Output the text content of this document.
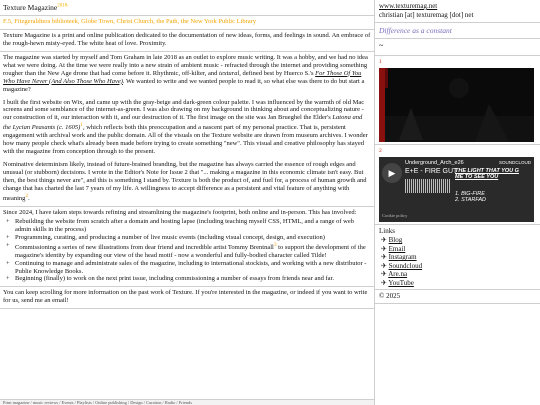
Texture Magazine$^{2018-}$
F.5, Fitzgeraldtera biblioteek, Globe Town, Christ Church, the Path, the New York Public Library

Texture Magazine is a print and online publication dedicated to the documentation of new ideas, forms, and feelings in sound. An embrace of the rough-hewn misty-eyed. The white heat of love. Proximity.

The magazine was started by myself and Tom Graham in late 2018 as an outlet to explore music writing. It was a hobby, and we had no idea what we were doing. At the time we were really into a new strain of ambient music - refracted through the internet and providing something rougher than the New Age drone that had come before it. Rhythmic, off-kilter, and textural, defined best by Huerco S.'s For Those Of You Who Have Never (And Also Those Who Have). We wanted to write and we wanted people to read it, so what else was there to do but start a magazine?

I built the first website on Wix, and came up with the gray-beige and dark-green colour palette. I was influenced by the warmth of old Mac screens and some semblance of the internet-as-green. I was also drawing on my background in thinking about and conceptualizing nature - our construction of it, our interaction with it, and our destruction of it. The first image on the site was Jan Brueghel the Elder's Latona and the Lycian Peasants (c. 1605)$^1$, which reflects both this preoccupation and a nascent part of my personal practice. That is, persistent engagement with archival work and the public domain. All of the visuals on the Texture website are drawn from museum archives. I wonder how many people check what's already been made before trying to create something "new". This visual and creative philosophy has stayed with the magazine from conception through to the present.

Nominative determinism likely, instead of future-brained branding, but the magazine has always carried the essence of rough edges and unusual (or stubborn) decisions. I wrote in the Editor's Note for Issue 2 that "... making a magazine in this economic climate isn't easy. But then, the best things never are", and this is something I stand by. Texture is both the product of, and fuel for, a process of human growth and change that has charted the last 7 years of my life. A willingness to accept difference as a persistent and vital feature of anything with meaning$^2$.

Since 2024, I have taken steps towards refining and streamlining the magazine's footprint, both online and in-person. This has involved:

+ Rebuilding the website from scratch after a domain and hosting lapse (including teaching myself CSS, HTML, and a range of web admin skills in the process)
+ Programming, curating, and producing a number of live music events (including visual concept, design, and execution)
+ Commissioning a series of new illustrations from dear friend and incredible artist Tommy Brentnall$^3$ to support the development of the magazine's identity by expanding our view of the head motif - now a wonderful and fully-bodied character called Tilde!
+ Continuing to manage and administrate sales of the magazine, including to international stockists, and working with a new distributor - Publie Knowledge Books.
+ Beginning (finally) to work on the next print issue, including commissioning a number of essays from friends near and far.

You can keep scrolling for more information on the past work of Texture. If you're interested in the magazine, or indeed if you want to write for us, send me an email!

Print magazine / music reviews / Events / Playlists / Online publishing / Design / Curation / Radio / Friends
www.texturemag.net
christian [at] texturemag [dot] net
Difference as a constant
~
1
2
Underground_Arch_e26	SOUNDCLOUD
▶	E+E - FIRE GUT
THE LIGHT THAT YOU G
ME TO SEE YOU
1. BIG-FIRE
2. STARFAD
Cookie policy
Links
✈ Blog
✈ Email
✈ Instagram
✈ Soundcloud
✈ Are.na
✈ YouTube
© 2025
